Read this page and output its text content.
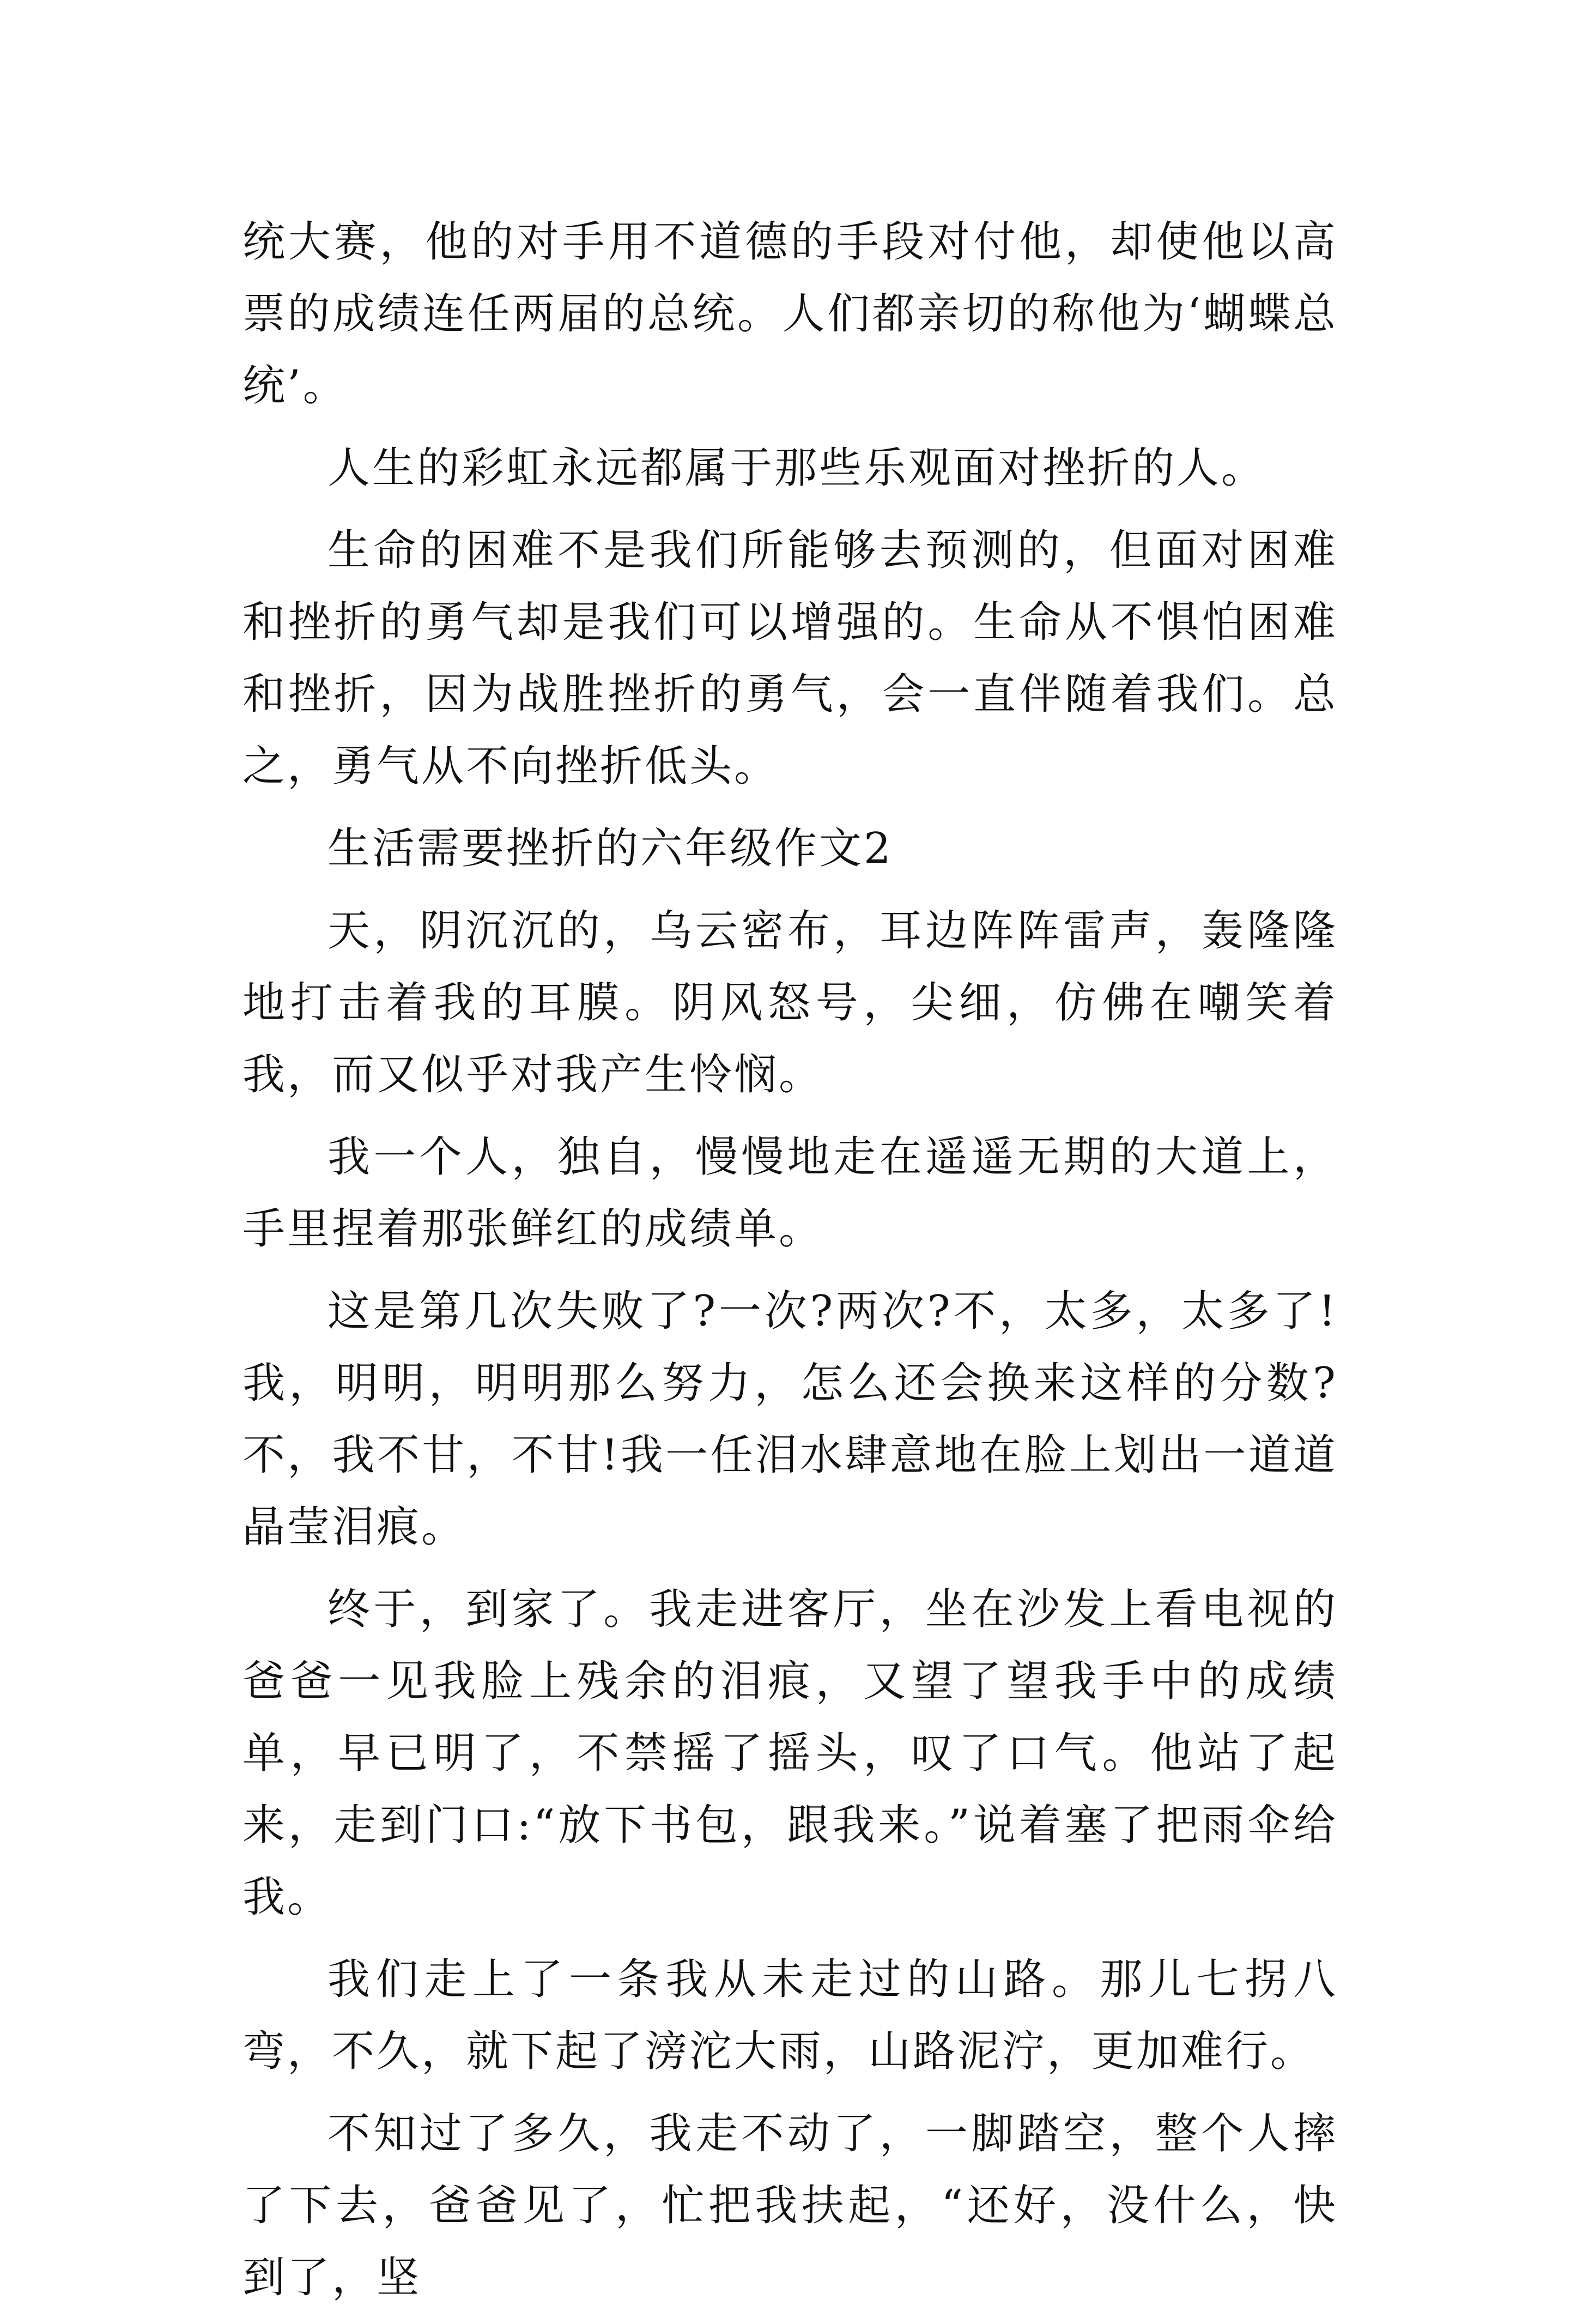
统大赛，他的对手用不道德的手段对付他，却使他以高票的成绩连任两届的总统。人们都亲切的称他为‘蝴蝶总统’。

人生的彩虹永远都属于那些乐观面对挫折的人。

生命的困难不是我们所能够去预测的，但面对困难和挫折的勇气却是我们可以增强的。生命从不惧怕困难和挫折，因为战胜挫折的勇气，会一直伴随着我们。总之，勇气从不向挫折低头。

生活需要挫折的六年级作文2

天，阴沉沉的，乌云密布，耳边阵阵雷声，轰隆隆地打击着我的耳膜。阴风怒号，尖细，仿佛在嘲笑着我，而又似乎对我产生怜悯。

我一个人，独自，慢慢地走在遥遥无期的大道上，手里捏着那张鲜红的成绩单。

这是第几次失败了?一次?两次?不，太多，太多了!我，明明，明明那么努力，怎么还会换来这样的分数?不，我不甘，不甘!我一任泪水肆意地在脸上划出一道道晶莹泪痕。

终于，到家了。我走进客厅，坐在沙发上看电视的爸爸一见我脸上残余的泪痕，又望了望我手中的成绩单，早已明了，不禁摇了摇头，叹了口气。他站了起来，走到门口:“放下书包，跟我来。”说着塞了把雨伞给我。

我们走上了一条我从未走过的山路。那儿七拐八弯，不久，就下起了滂沱大雨，山路泥泞，更加难行。

不知过了多久，我走不动了，一脚踏空，整个人摔了下去，爸爸见了，忙把我扶起，“还好，没什么，快到了，坚
